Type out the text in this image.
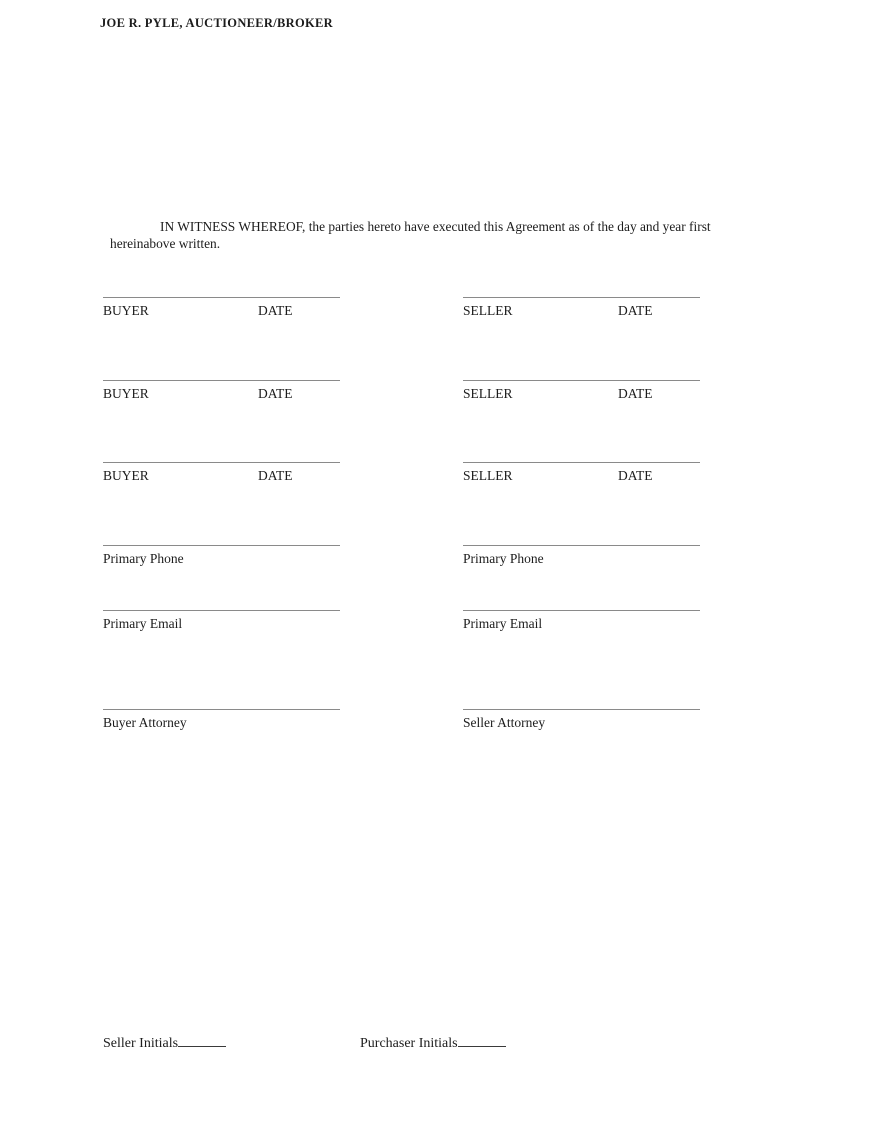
JOE R. PYLE, AUCTIONEER/BROKER
IN WITNESS WHEREOF, the parties hereto have executed this Agreement as of the day and year first hereinabove written.
BUYER	DATE	SELLER	DATE
BUYER	DATE	SELLER	DATE
BUYER	DATE	SELLER	DATE
Primary Phone	Primary Phone
Primary Email	Primary Email
Buyer Attorney	Seller Attorney
Seller Initials	Purchaser Initials
